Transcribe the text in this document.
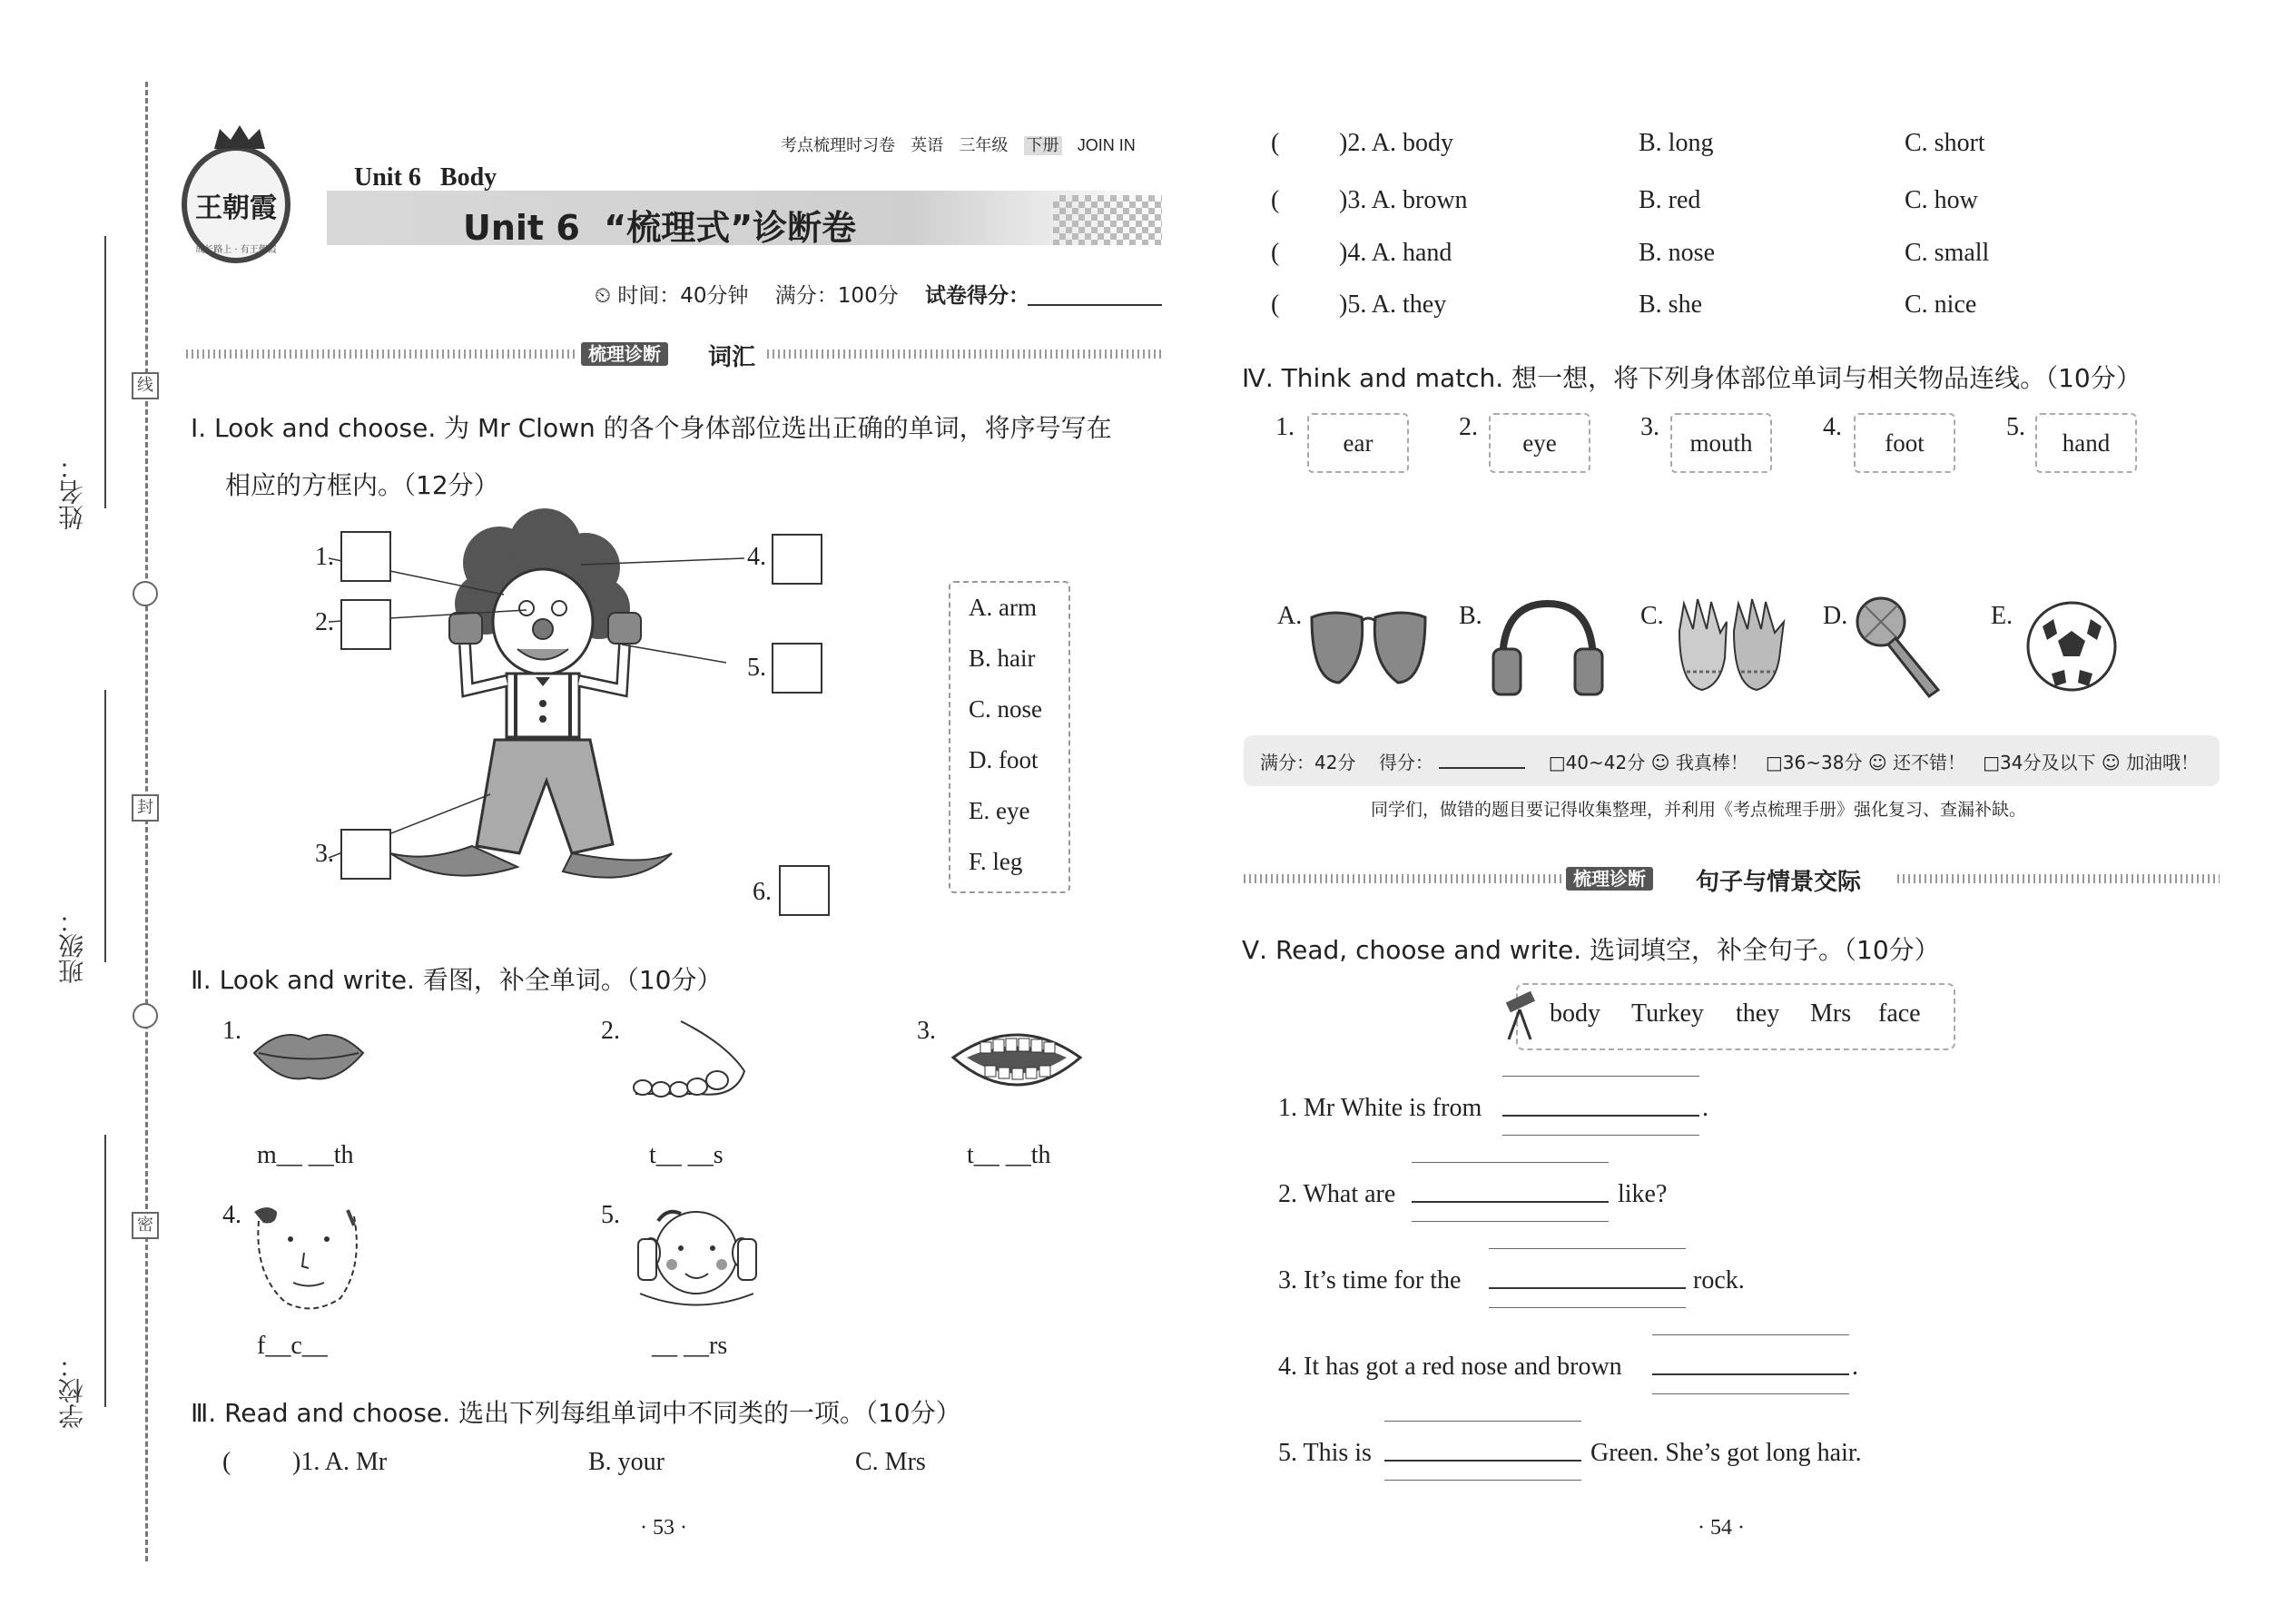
姓名：
班级：
学校：
线
封
密
王朝霞
成长路上 · 有王朝霞
考点梳理时习卷 英语 三年级 下册 JOIN IN
Unit 6   Body
Unit 6  “梳理式”诊断卷
⏲ 时间：40分钟 满分：100分 试卷得分：
梳理诊断	词汇
Ⅰ. Look and choose. 为 Mr Clown 的各个身体部位选出正确的单词，将序号写在
相应的方框内。（12分）
1.
2.
3.
4.
5.
6.
A. arm
B. hair
C. nose
D. foot
E. eye
F. leg
Ⅱ. Look and write. 看图，补全单词。（10分）
1.
m__ __th
2.
t__ __s
3.
t__ __th
4.
f__c__
5.
__ __rs
Ⅲ. Read and choose. 选出下列每组单词中不同类的一项。（10分）
( )1. A. Mr	B. your	C. Mrs
· 53 ·
( )2. A. body	B. long	C. short
( )3. A. brown	B. red	C. how
( )4. A. hand	B. nose	C. small
( )5. A. they	B. she	C. nice
Ⅳ. Think and match. 想一想，将下列身体部位单词与相关物品连线。（10分）
1.
ear
2.
eye
3.
mouth
4.
foot
5.
hand
A.	B.	C.	D.	E.
满分：42分 得分：	□40~42分 ☺ 我真棒！ □36~38分 ☺ 还不错！ □34分及以下 ☺ 加油哦！
同学们，做错的题目要记得收集整理，并利用《考点梳理手册》强化复习、查漏补缺。
梳理诊断	句子与情景交际
Ⅴ. Read, choose and write. 选词填空，补全句子。（10分）
body Turkey they Mrs face
1. Mr White is from	.
2. What are	like?
3. It’s time for the	rock.
4. It has got a red nose and brown	.
5. This is	Green. She’s got long hair.
· 54 ·
